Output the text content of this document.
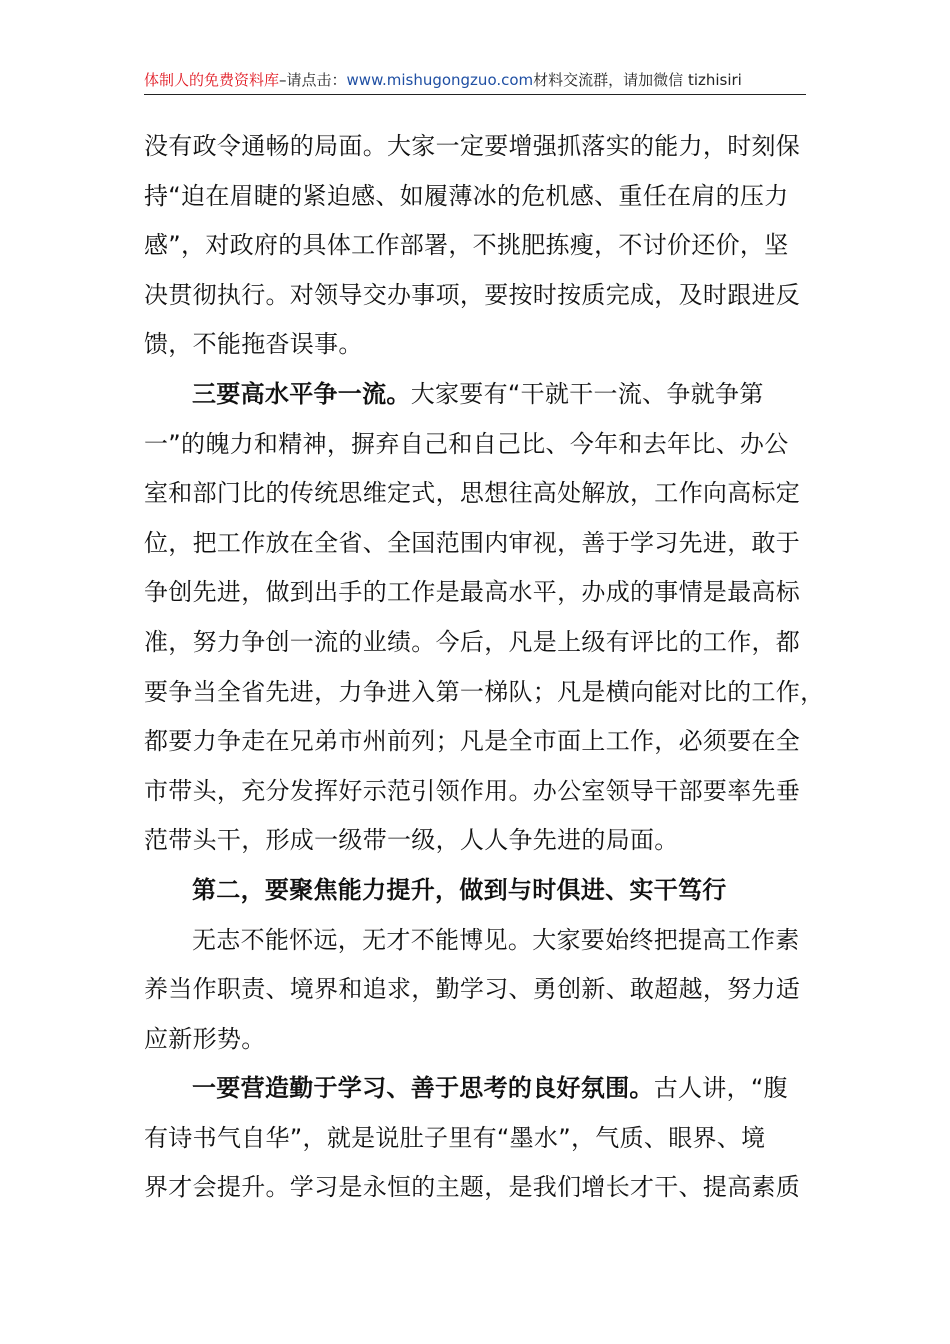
体制人的免费资料库–请点击：www.mishugongzuo.com材料交流群，请加微信 tizhisiri
没有政令通畅的局面。大家一定要增强抓落实的能力，时刻保
持“迫在眉睫的紧迫感、如履薄冰的危机感、重任在肩的压力
感”，对政府的具体工作部署，不挑肥拣瘦，不讨价还价，坚
决贯彻执行。对领导交办事项，要按时按质完成，及时跟进反
馈，不能拖沓误事。
三要高水平争一流。大家要有“干就干一流、争就争第
一”的魄力和精神，摒弃自己和自己比、今年和去年比、办公
室和部门比的传统思维定式，思想往高处解放，工作向高标定
位，把工作放在全省、全国范围内审视，善于学习先进，敢于
争创先进，做到出手的工作是最高水平，办成的事情是最高标
准，努力争创一流的业绩。今后，凡是上级有评比的工作，都
要争当全省先进，力争进入第一梯队；凡是横向能对比的工作，
都要力争走在兄弟市州前列；凡是全市面上工作，必须要在全
市带头，充分发挥好示范引领作用。办公室领导干部要率先垂
范带头干，形成一级带一级，人人争先进的局面。
第二，要聚焦能力提升，做到与时俱进、实干笃行
无志不能怀远，无才不能博见。大家要始终把提高工作素
养当作职责、境界和追求，勤学习、勇创新、敢超越，努力适
应新形势。
一要营造勤于学习、善于思考的良好氛围。古人讲，“腹
有诗书气自华”，就是说肚子里有“墨水”，气质、眼界、境
界才会提升。学习是永恒的主题，是我们增长才干、提高素质
